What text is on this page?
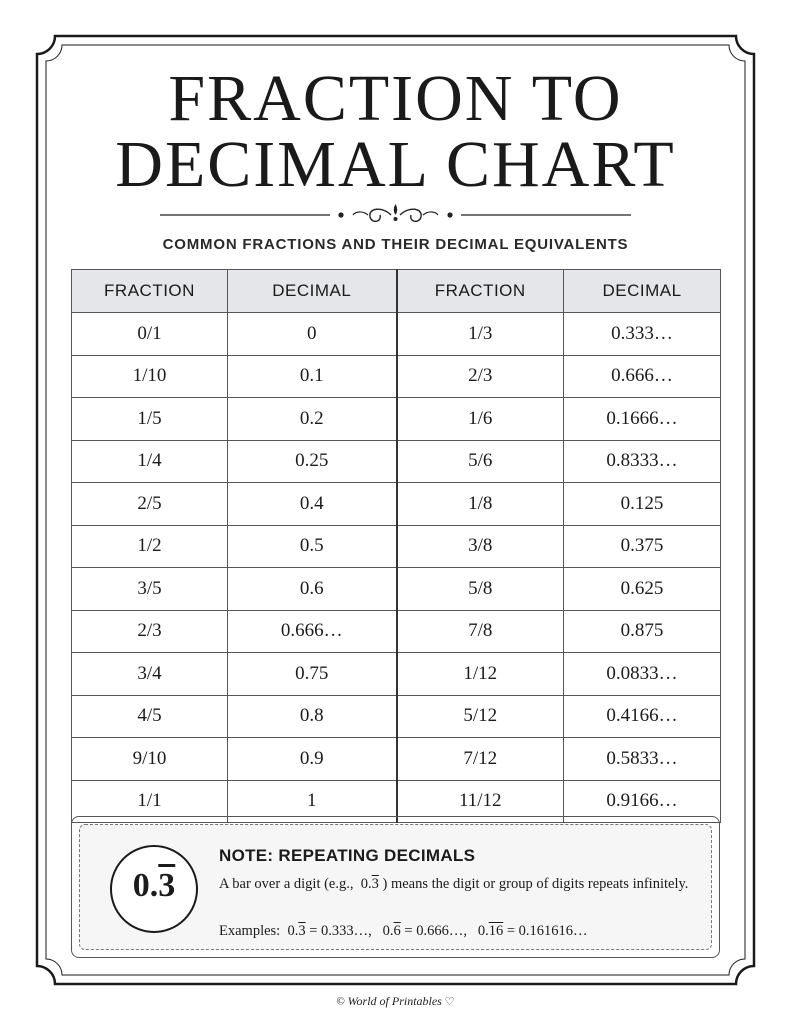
FRACTION TO
DECIMAL CHART
COMMON FRACTIONS AND THEIR DECIMAL EQUIVALENTS
FRACTION	DECIMAL	FRACTION	DECIMAL
0/1	0	1/3	0.333…
1/10	0.1	2/3	0.666…
1/5	0.2	1/6	0.1666…
1/4	0.25	5/6	0.8333…
2/5	0.4	1/8	0.125
1/2	0.5	3/8	0.375
3/5	0.6	5/8	0.625
2/3	0.666…	7/8	0.875
3/4	0.75	1/12	0.0833…
4/5	0.8	5/12	0.4166…
9/10	0.9	7/12	0.5833…
1/1	1	11/12	0.9166…
0.3
NOTE: REPEATING DECIMALS
A bar over a digit (e.g., 0.3 ) means the digit or group of digits repeats infinitely.
Examples: 0.3 = 0.333…, 0.6 = 0.666…, 0.16 = 0.161616…
© World of Printables ♡
